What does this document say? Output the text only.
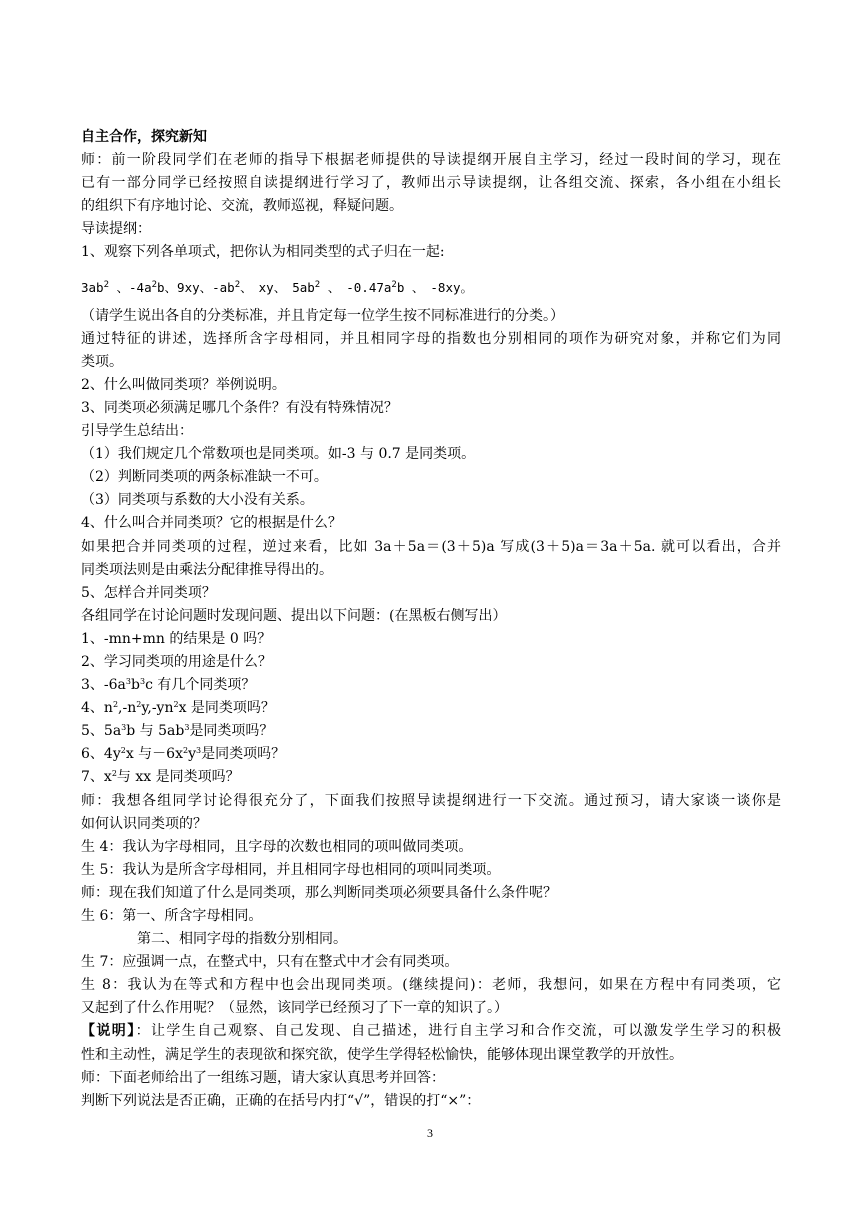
自主合作，探究新知
师：前一阶段同学们在老师的指导下根据老师提供的导读提纲开展自主学习，经过一段时间的学习，现在
已有一部分同学已经按照自读提纲进行学习了，教师出示导读提纲，让各组交流、探索，各小组在小组长
的组织下有序地讨论、交流，教师巡视，释疑问题。
导读提纲：
1、观察下列各单项式，把你认为相同类型的式子归在一起:
$3ab^2$ 、$-4a^2b$、9xy、$-ab^2$、 xy、 $5ab^2$ 、 $-0.47a^2b$ 、 -8xy。
（请学生说出各自的分类标准，并且肯定每一位学生按不同标准进行的分类。）
通过特征的讲述，选择所含字母相同，并且相同字母的指数也分别相同的项作为研究对象，并称它们为同
类项。
2、什么叫做同类项？举例说明。
3、同类项必须满足哪几个条件？有没有特殊情况？
引导学生总结出：
（1）我们规定几个常数项也是同类项。如-3 与 0.7 是同类项。
（2）判断同类项的两条标准缺一不可。
（3）同类项与系数的大小没有关系。
4、什么叫合并同类项？它的根据是什么？
如果把合并同类项的过程，逆过来看，比如 3a＋5a＝(3＋5)a 写成(3＋5)a＝3a＋5a. 就可以看出，合并
同类项法则是由乘法分配律推导得出的。
5、怎样合并同类项？
各组同学在讨论问题时发现问题、提出以下问题：(在黑板右侧写出）
1、-mn+mn 的结果是 0 吗？
2、学习同类项的用途是什么？
3、$-6a^3b^3c$ 有几个同类项？
4、$n^2,-n^2y,-yn^2x$ 是同类项吗？
5、$5a^3b$ 与 $5ab^3$是同类项吗？
6、$4y^2x$ 与$-6x^2y^3$是同类项吗？
7、$x^2$与 xx 是同类项吗？
师：我想各组同学讨论得很充分了，下面我们按照导读提纲进行一下交流。通过预习，请大家谈一谈你是
如何认识同类项的？
生 4：我认为字母相同，且字母的次数也相同的项叫做同类项。
生 5：我认为是所含字母相同，并且相同字母也相同的项叫同类项。
师：现在我们知道了什么是同类项，那么判断同类项必须要具备什么条件呢？
生 6：第一、所含字母相同。
第二、相同字母的指数分别相同。
生 7：应强调一点，在整式中，只有在整式中才会有同类项。
生 8：我认为在等式和方程中也会出现同类项。(继续提问)：老师，我想问，如果在方程中有同类项，它
又起到了什么作用呢？（显然，该同学已经预习了下一章的知识了。）
【说明】：让学生自己观察、自己发现、自己描述，进行自主学习和合作交流，可以激发学生学习的积极
性和主动性，满足学生的表现欲和探究欲，使学生学得轻松愉快，能够体现出课堂教学的开放性。
师：下面老师给出了一组练习题，请大家认真思考并回答：
判断下列说法是否正确，正确的在括号内打“√”，错误的打“×”：
3
